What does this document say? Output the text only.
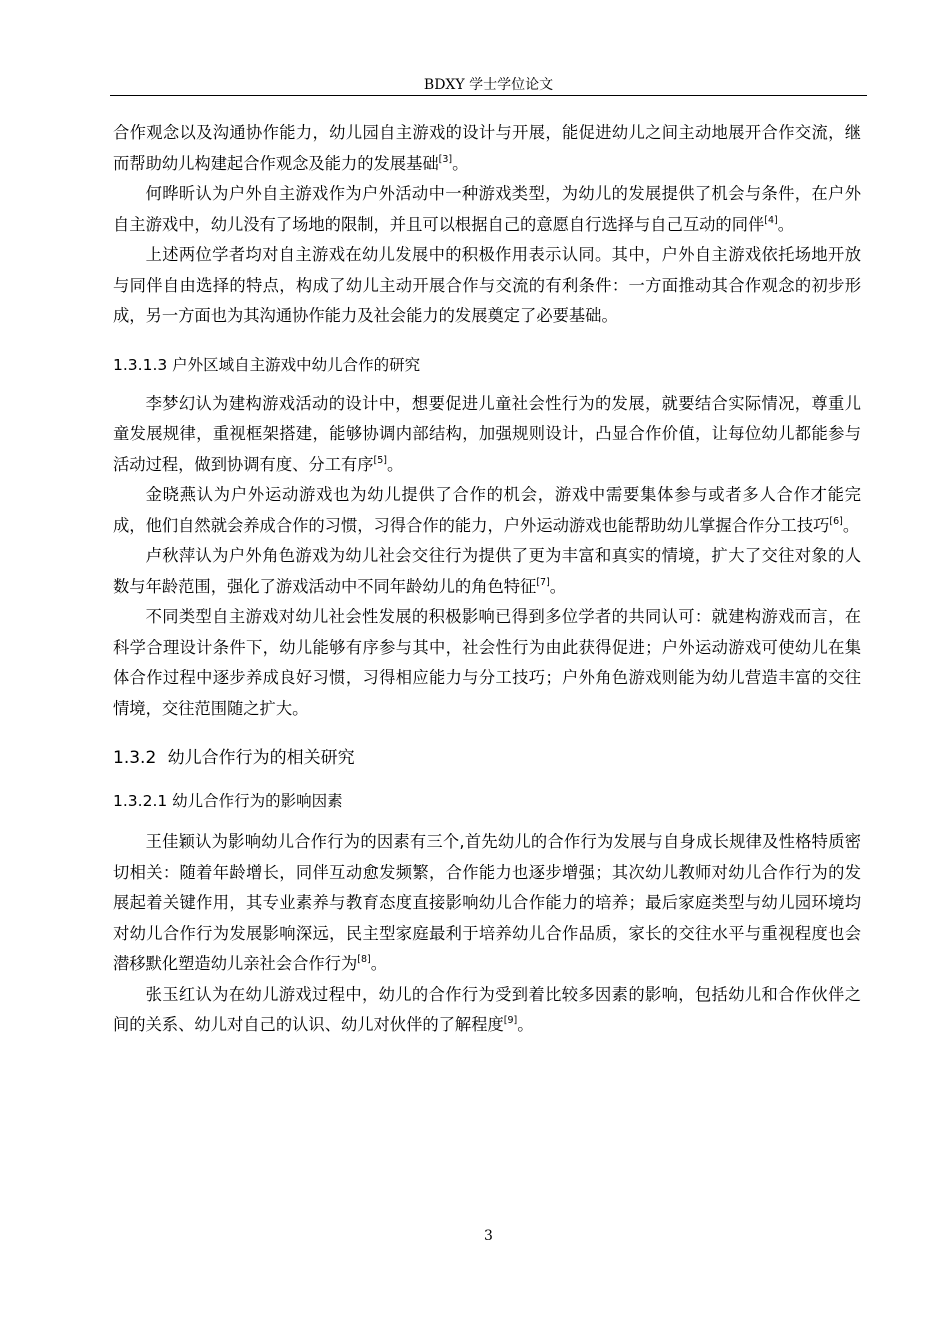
BDXY 学士学位论文

合作观念以及沟通协作能力，幼儿园自主游戏的设计与开展，能促进幼儿之间主动地展开合作交流，继而帮助幼儿构建起合作观念及能力的发展基础[3]。

何晔昕认为户外自主游戏作为户外活动中一种游戏类型，为幼儿的发展提供了机会与条件，在户外自主游戏中，幼儿没有了场地的限制，并且可以根据自己的意愿自行选择与自己互动的同伴[4]。

上述两位学者均对自主游戏在幼儿发展中的积极作用表示认同。其中，户外自主游戏依托场地开放与同伴自由选择的特点，构成了幼儿主动开展合作与交流的有利条件：一方面推动其合作观念的初步形成，另一方面也为其沟通协作能力及社会能力的发展奠定了必要基础。

1.3.1.3 户外区域自主游戏中幼儿合作的研究

李梦幻认为建构游戏活动的设计中，想要促进儿童社会性行为的发展，就要结合实际情况，尊重儿童发展规律，重视框架搭建，能够协调内部结构，加强规则设计，凸显合作价值，让每位幼儿都能参与活动过程，做到协调有度、分工有序[5]。

金晓燕认为户外运动游戏也为幼儿提供了合作的机会，游戏中需要集体参与或者多人合作才能完成，他们自然就会养成合作的习惯，习得合作的能力，户外运动游戏也能帮助幼儿掌握合作分工技巧[6]。

卢秋萍认为户外角色游戏为幼儿社会交往行为提供了更为丰富和真实的情境，扩大了交往对象的人数与年龄范围，强化了游戏活动中不同年龄幼儿的角色特征[7]。

不同类型自主游戏对幼儿社会性发展的积极影响已得到多位学者的共同认可：就建构游戏而言，在科学合理设计条件下，幼儿能够有序参与其中，社会性行为由此获得促进；户外运动游戏可使幼儿在集体合作过程中逐步养成良好习惯，习得相应能力与分工技巧；户外角色游戏则能为幼儿营造丰富的交往情境，交往范围随之扩大。

1.3.2 幼儿合作行为的相关研究
1.3.2.1 幼儿合作行为的影响因素

王佳颖认为影响幼儿合作行为的因素有三个,首先幼儿的合作行为发展与自身成长规律及性格特质密切相关：随着年龄增长，同伴互动愈发频繁，合作能力也逐步增强；其次幼儿教师对幼儿合作行为的发展起着关键作用，其专业素养与教育态度直接影响幼儿合作能力的培养；最后家庭类型与幼儿园环境均对幼儿合作行为发展影响深远，民主型家庭最利于培养幼儿合作品质，家长的交往水平与重视程度也会潜移默化塑造幼儿亲社会合作行为[8]。

张玉红认为在幼儿游戏过程中，幼儿的合作行为受到着比较多因素的影响，包括幼儿和合作伙伴之间的关系、幼儿对自己的认识、幼儿对伙伴的了解程度[9]。

3
